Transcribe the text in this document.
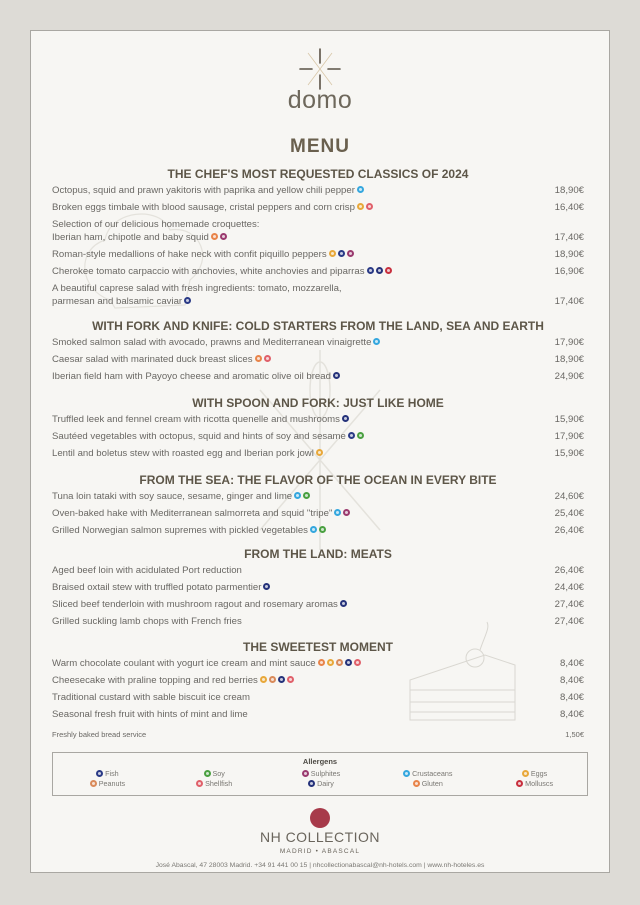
domo
MENU
THE CHEF'S MOST REQUESTED CLASSICS OF 2024
Octopus, squid and prawn yakitoris with paprika and yellow chili pepper	18,90€
Broken eggs timbale with blood sausage, cristal peppers and corn crisp	16,40€
Selection of our delicious homemade croquettes:
Iberian ham, chipotle and baby squid	17,40€
Roman-style medallions of hake neck with confit piquillo peppers	18,90€
Cherokee tomato carpaccio with anchovies, white anchovies and piparras	16,90€
A beautiful caprese salad with fresh ingredients: tomato, mozzarella,
parmesan and balsamic caviar	17,40€
WITH FORK AND KNIFE: COLD STARTERS FROM THE LAND, SEA AND EARTH
Smoked salmon salad with avocado, prawns and Mediterranean vinaigrette	17,90€
Caesar salad with marinated duck breast slices	18,90€
Iberian field ham with Payoyo cheese and aromatic olive oil bread	24,90€
WITH SPOON AND FORK: JUST LIKE HOME
Truffled leek and fennel cream with ricotta quenelle and mushrooms	15,90€
Sautéed vegetables with octopus, squid and hints of soy and sesame	17,90€
Lentil and boletus stew with roasted egg and Iberian pork jowl	15,90€
FROM THE SEA: THE FLAVOR OF THE OCEAN IN EVERY BITE
Tuna loin tataki with soy sauce, sesame, ginger and lime	24,60€
Oven-baked hake with Mediterranean salmorreta and squid "tripe"	25,40€
Grilled Norwegian salmon supremes with pickled vegetables	26,40€
FROM THE LAND: MEATS
Aged beef loin with acidulated Port reduction	26,40€
Braised oxtail stew with truffled potato parmentier	24,40€
Sliced beef tenderloin with mushroom ragout and rosemary aromas	27,40€
Grilled suckling lamb chops with French fries	27,40€
THE SWEETEST MOMENT
Warm chocolate coulant with yogurt ice cream and mint sauce	8,40€
Cheesecake with praline topping and red berries	8,40€
Traditional custard with sable biscuit ice cream	8,40€
Seasonal fresh fruit with hints of mint and lime	8,40€
Freshly baked bread service	1,50€
Allergens
Fish	Soy	Sulphites	Crustaceans	Eggs
Peanuts	Shellfish	Dairy	Gluten	Molluscs
NH COLLECTION
MADRID • ABASCAL
José Abascal, 47 28003 Madrid. +34 91 441 00 15 | nhcollectionabascal@nh-hotels.com | www.nh-hoteles.es
